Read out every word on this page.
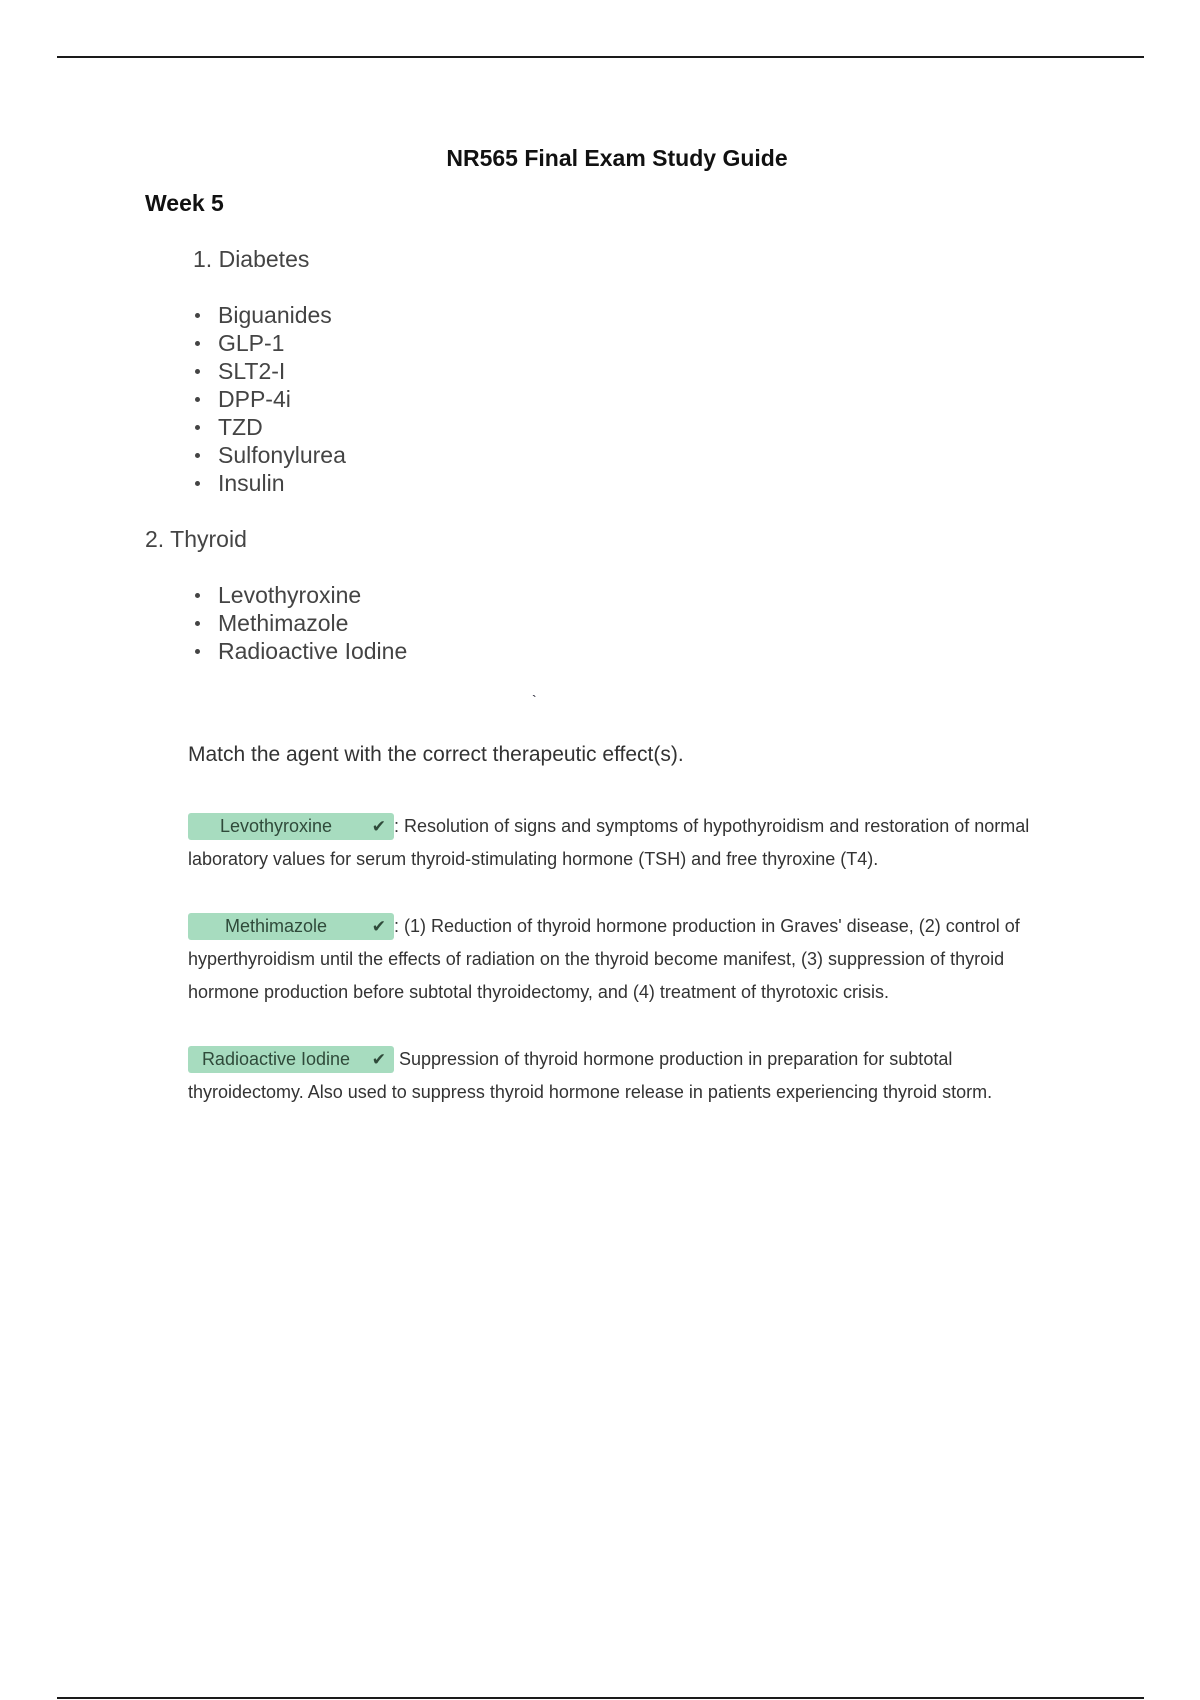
NR565 Final Exam Study Guide
Week 5
1. Diabetes
Biguanides
GLP-1
SLT2-I
DPP-4i
TZD
Sulfonylurea
Insulin
2. Thyroid
Levothyroxine
Methimazole
Radioactive Iodine
`
Match the agent with the correct therapeutic effect(s).
Levothyroxine ✔ : Resolution of signs and symptoms of hypothyroidism and restoration of normal laboratory values for serum thyroid-stimulating hormone (TSH) and free thyroxine (T4).
Methimazole	✔ : (1) Reduction of thyroid hormone production in Graves' disease, (2) control of hyperthyroidism until the effects of radiation on the thyroid become manifest, (3) suppression of thyroid hormone production before subtotal thyroidectomy, and (4) treatment of thyrotoxic crisis.
Radioactive Iodine ✔ Suppression of thyroid hormone production in preparation for subtotal thyroidectomy. Also used to suppress thyroid hormone release in patients experiencing thyroid storm.
